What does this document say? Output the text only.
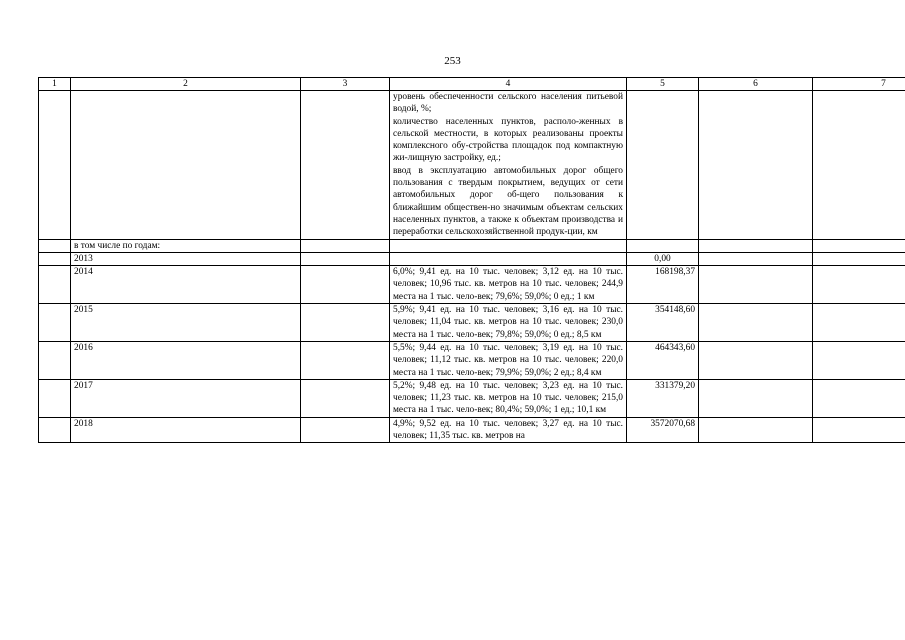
253
1	2	3	4	5	6	7
			уровень обеспеченности сельского населения питьевой водой, %;
количество населенных пунктов, располо-женных в сельской местности, в которых реализованы проекты комплексного обу-стройства площадок под компактную жи-лищную застройку, ед.;
ввод в эксплуатацию автомобильных дорог общего пользования с твердым покрытием, ведущих от сети автомобильных дорог об-щего пользования к ближайшим обществен-но значимым объектам сельских населенных пунктов, а также к объектам производства и переработки сельскохозяйственной продук-ции, км			
	в том числе по годам:					
	2013			0,00		
	2014		6,0%; 9,41 ед. на 10 тыс. человек; 3,12 ед. на 10 тыс. человек; 10,96 тыс. кв. метров на 10 тыс. человек; 244,9 места на 1 тыс. чело-век; 79,6%; 59,0%; 0 ед.; 1 км	168198,37		
	2015		5,9%; 9,41 ед. на 10 тыс. человек; 3,16 ед. на 10 тыс. человек; 11,04 тыс. кв. метров на 10 тыс. человек; 230,0 места на 1 тыс. чело-век; 79,8%; 59,0%; 0 ед.; 8,5 км	354148,60		
	2016		5,5%; 9,44 ед. на 10 тыс. человек; 3,19 ед. на 10 тыс. человек; 11,12 тыс. кв. метров на 10 тыс. человек; 220,0 места на 1 тыс. чело-век; 79,9%; 59,0%; 2 ед.; 8,4 км	464343,60		
	2017		5,2%; 9,48 ед. на 10 тыс. человек; 3,23 ед. на 10 тыс. человек; 11,23 тыс. кв. метров на 10 тыс. человек; 215,0 места на 1 тыс. чело-век; 80,4%; 59,0%; 1 ед.; 10,1 км	331379,20		
	2018		4,9%; 9,52 ед. на 10 тыс. человек; 3,27 ед. на 10 тыс. человек; 11,35 тыс. кв. метров на	3572070,68		
